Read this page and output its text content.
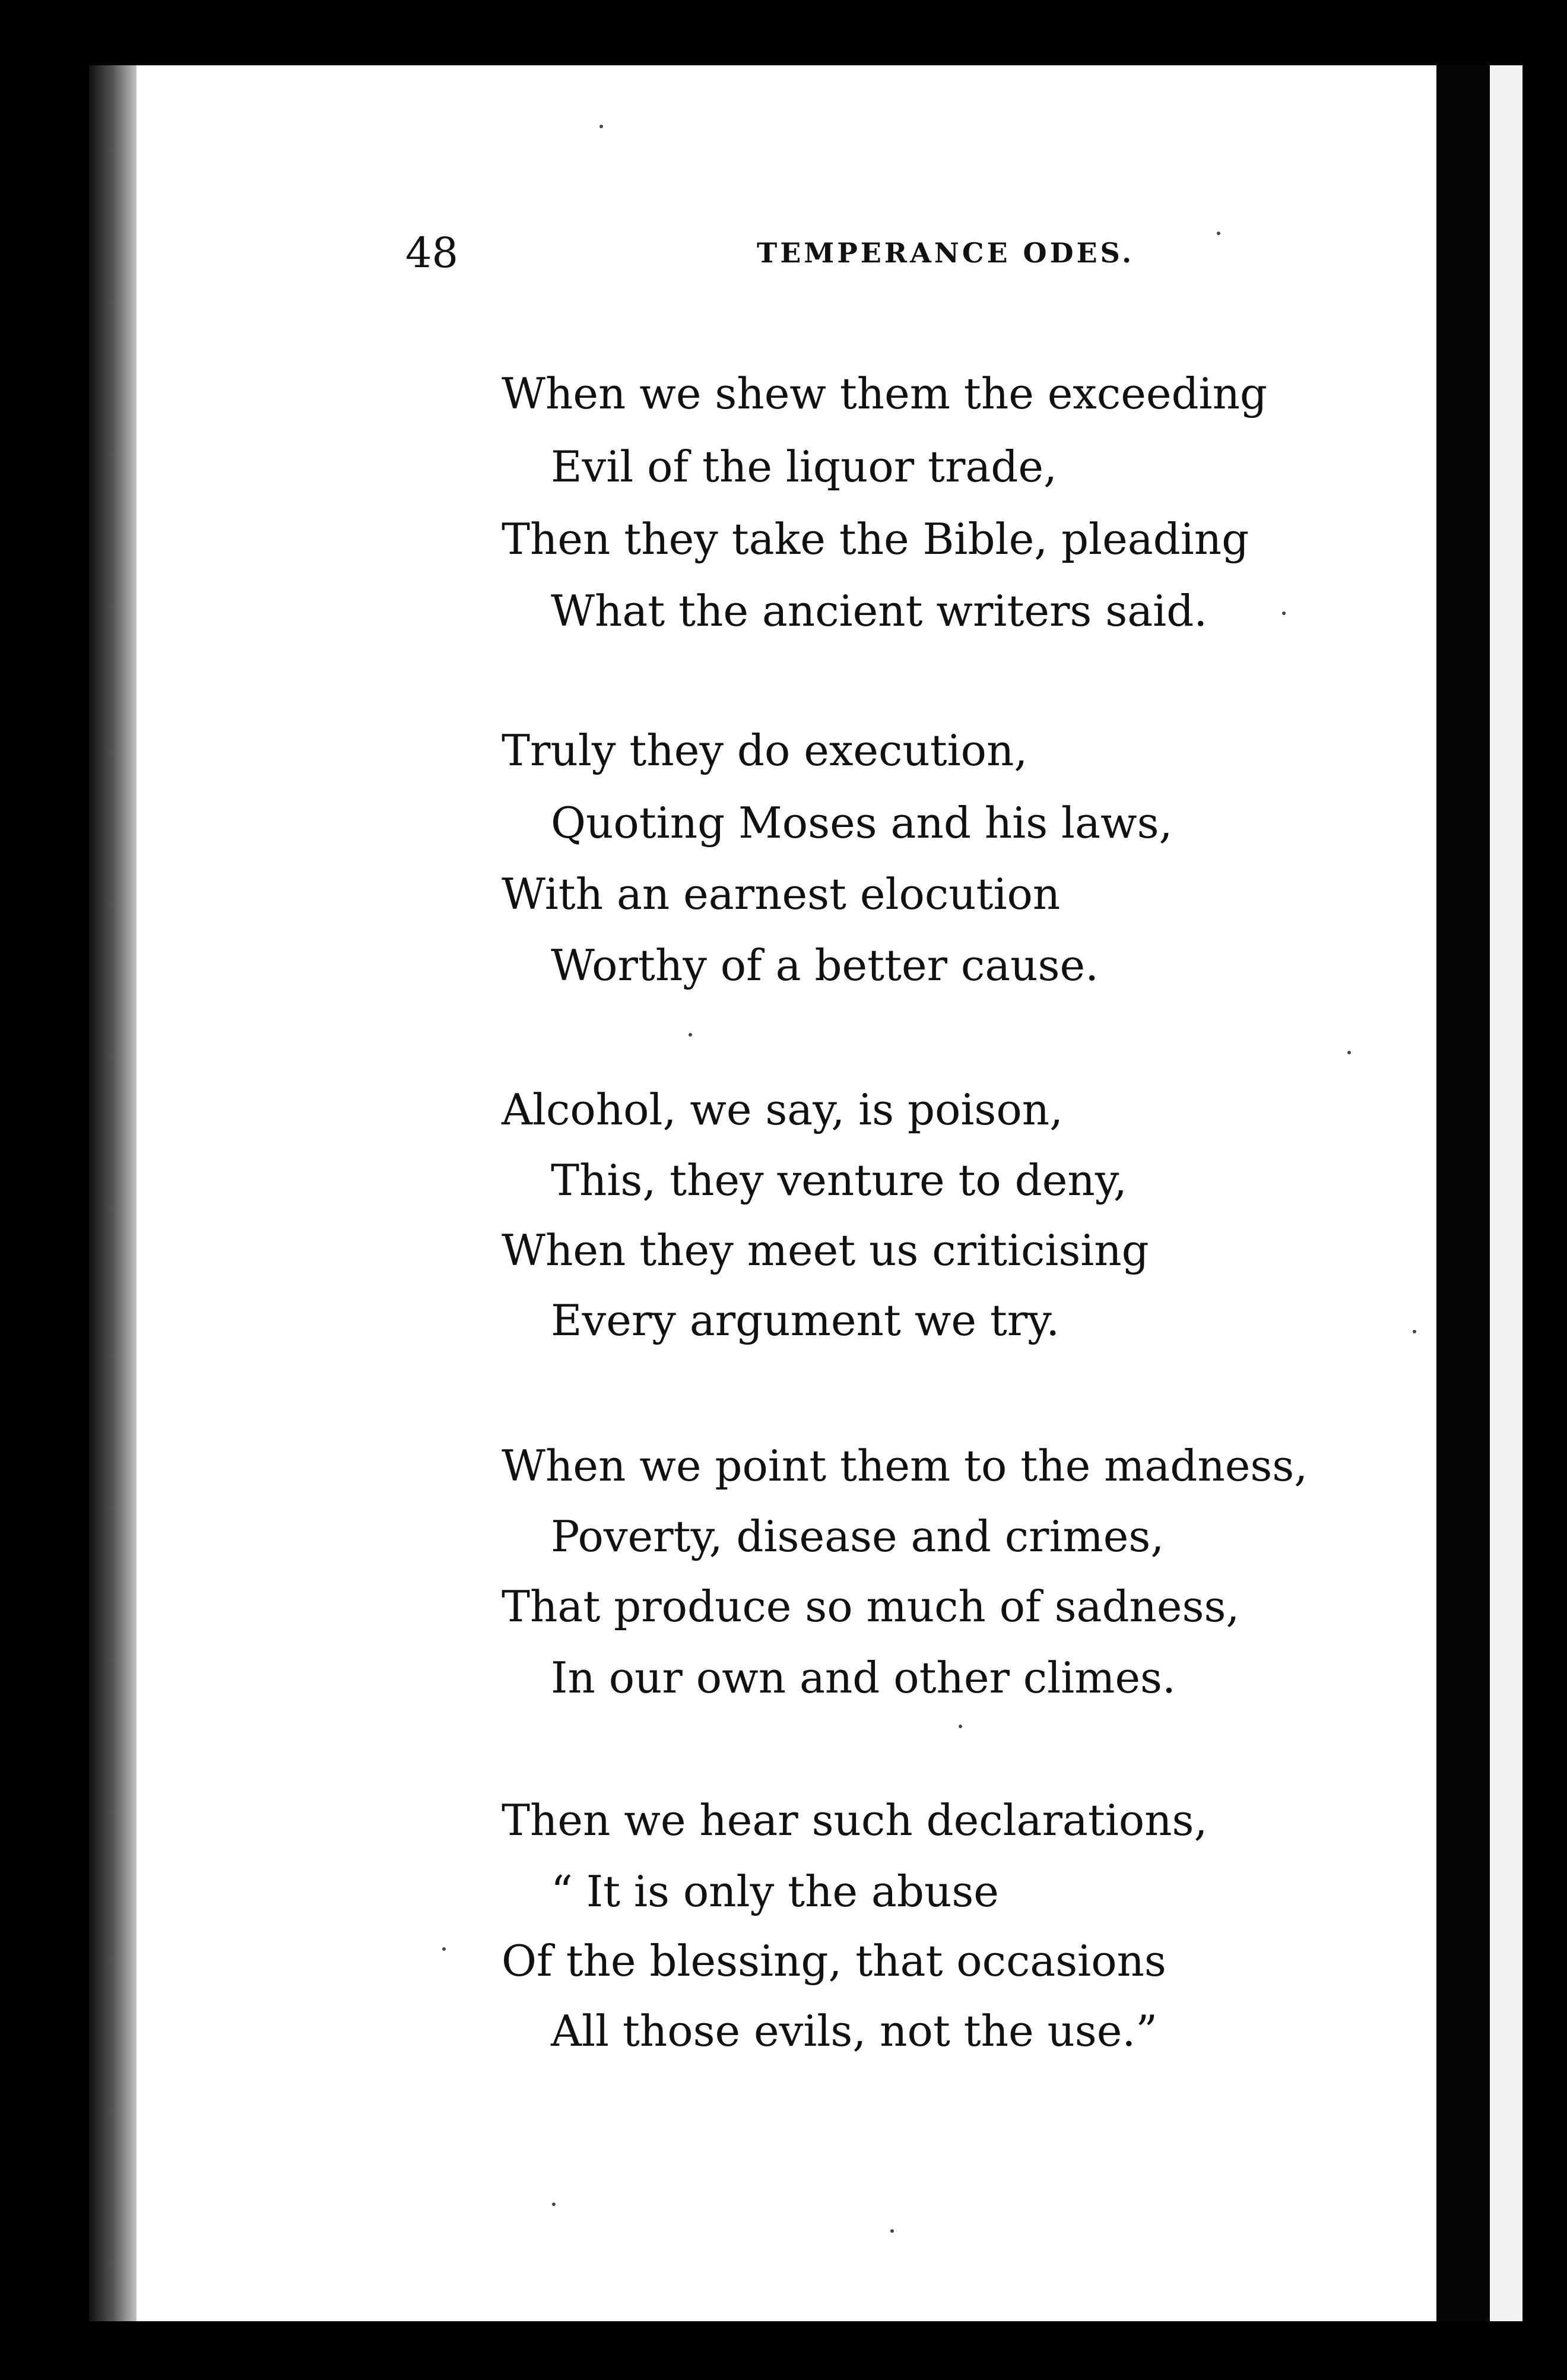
48	TEMPERANCE ODES.
When we shew them the exceeding
Evil of the liquor trade,
Then they take the Bible, pleading
What the ancient writers said.
Truly they do execution,
Quoting Moses and his laws,
With an earnest elocution
Worthy of a better cause.
Alcohol, we say, is poison,
This, they venture to deny,
When they meet us criticising
Every argument we try.
When we point them to the madness,
Poverty, disease and crimes,
That produce so much of sadness,
In our own and other climes.
Then we hear such declarations,
“ It is only the abuse
Of the blessing, that occasions
All those evils, not the use.”
